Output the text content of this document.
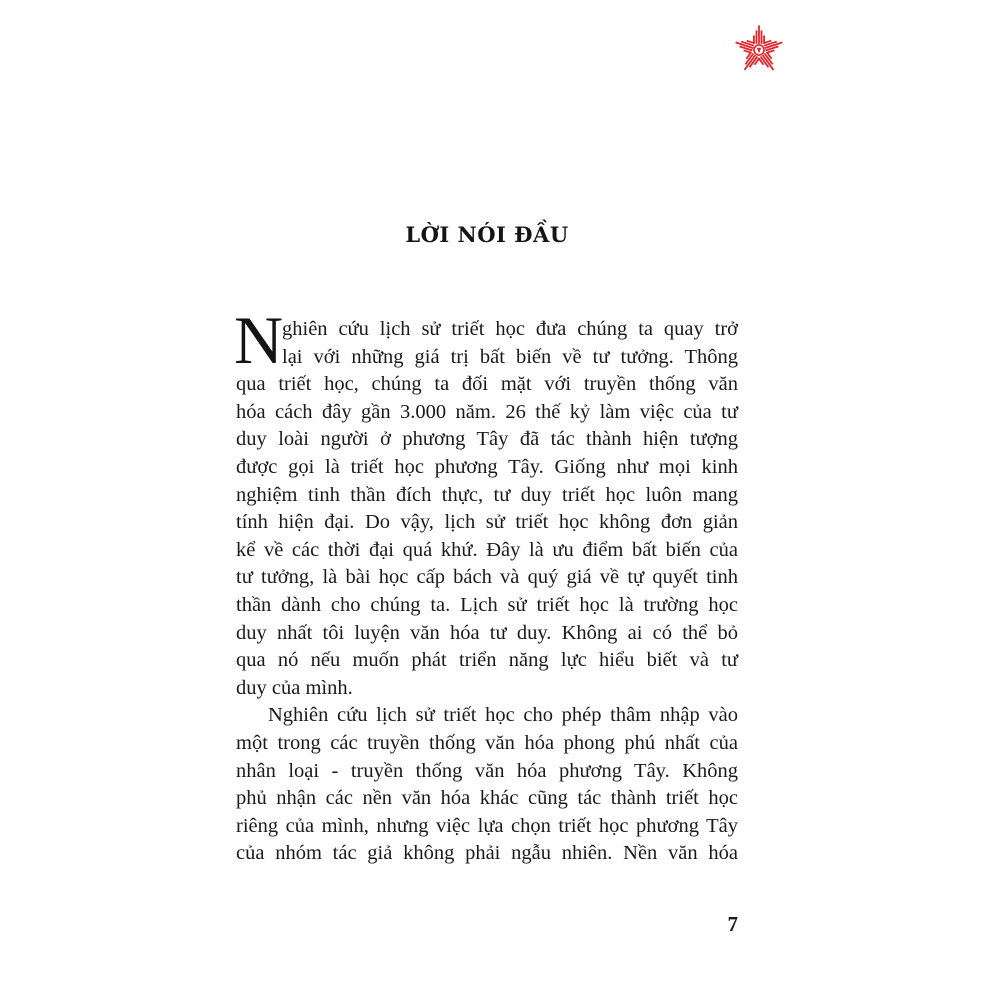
LỜI NÓI ĐẦU
N
ghiên cứu lịch sử triết học đưa chúng ta quay trở
lại với những giá trị bất biến về tư tưởng. Thông
qua triết học, chúng ta đối mặt với truyền thống văn
hóa cách đây gần 3.000 năm. 26 thế kỷ làm việc của tư
duy loài người ở phương Tây đã tác thành hiện tượng
được gọi là triết học phương Tây. Giống như mọi kinh
nghiệm tinh thần đích thực, tư duy triết học luôn mang
tính hiện đại. Do vậy, lịch sử triết học không đơn giản
kể về các thời đại quá khứ. Đây là ưu điểm bất biến của
tư tưởng, là bài học cấp bách và quý giá về tự quyết tinh
thần dành cho chúng ta. Lịch sử triết học là trường học
duy nhất tôi luyện văn hóa tư duy. Không ai có thể bỏ
qua nó nếu muốn phát triển năng lực hiểu biết và tư
duy của mình.
Nghiên cứu lịch sử triết học cho phép thâm nhập vào
một trong các truyền thống văn hóa phong phú nhất của
nhân loại - truyền thống văn hóa phương Tây. Không
phủ nhận các nền văn hóa khác cũng tác thành triết học
riêng của mình, nhưng việc lựa chọn triết học phương Tây
của nhóm tác giả không phải ngẫu nhiên. Nền văn hóa
7
